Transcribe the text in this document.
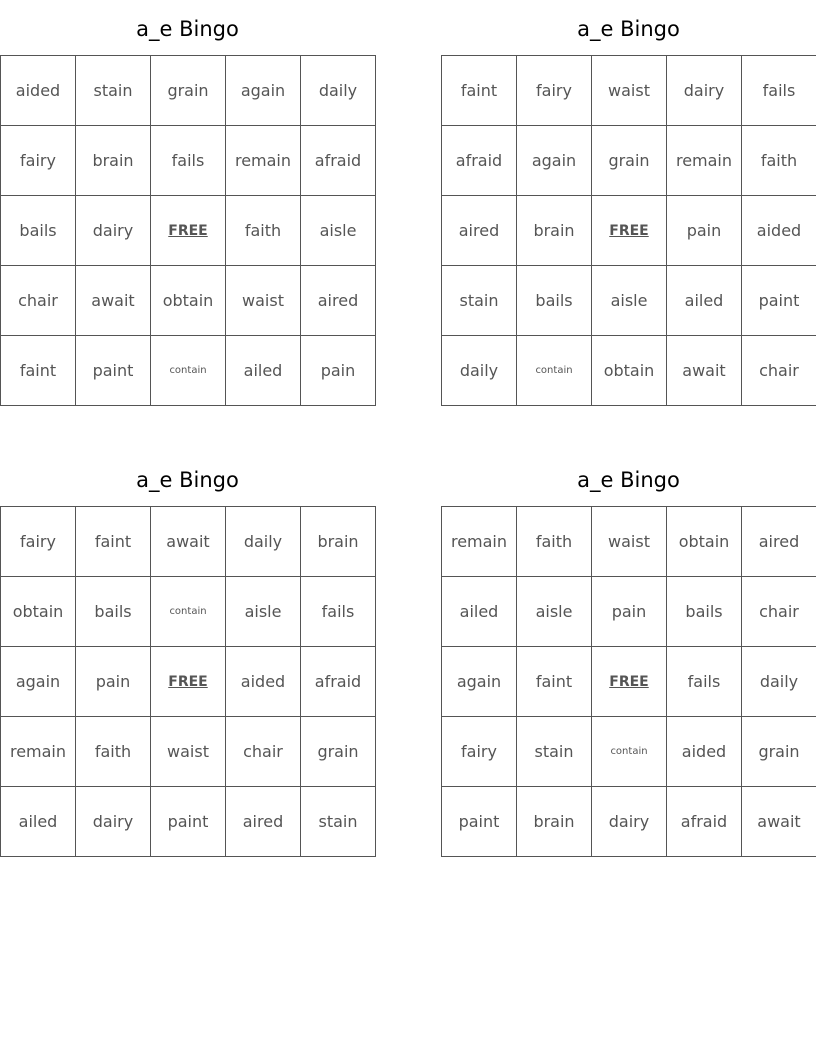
a_e Bingo
aided	stain	grain	again	daily
fairy	brain	fails	remain	afraid
bails	dairy	FREE	faith	aisle
chair	await	obtain	waist	aired
faint	paint	contain	ailed	pain
a_e Bingo
faint	fairy	waist	dairy	fails
afraid	again	grain	remain	faith
aired	brain	FREE	pain	aided
stain	bails	aisle	ailed	paint
daily	contain	obtain	await	chair
a_e Bingo
fairy	faint	await	daily	brain
obtain	bails	contain	aisle	fails
again	pain	FREE	aided	afraid
remain	faith	waist	chair	grain
ailed	dairy	paint	aired	stain
a_e Bingo
remain	faith	waist	obtain	aired
ailed	aisle	pain	bails	chair
again	faint	FREE	fails	daily
fairy	stain	contain	aided	grain
paint	brain	dairy	afraid	await
